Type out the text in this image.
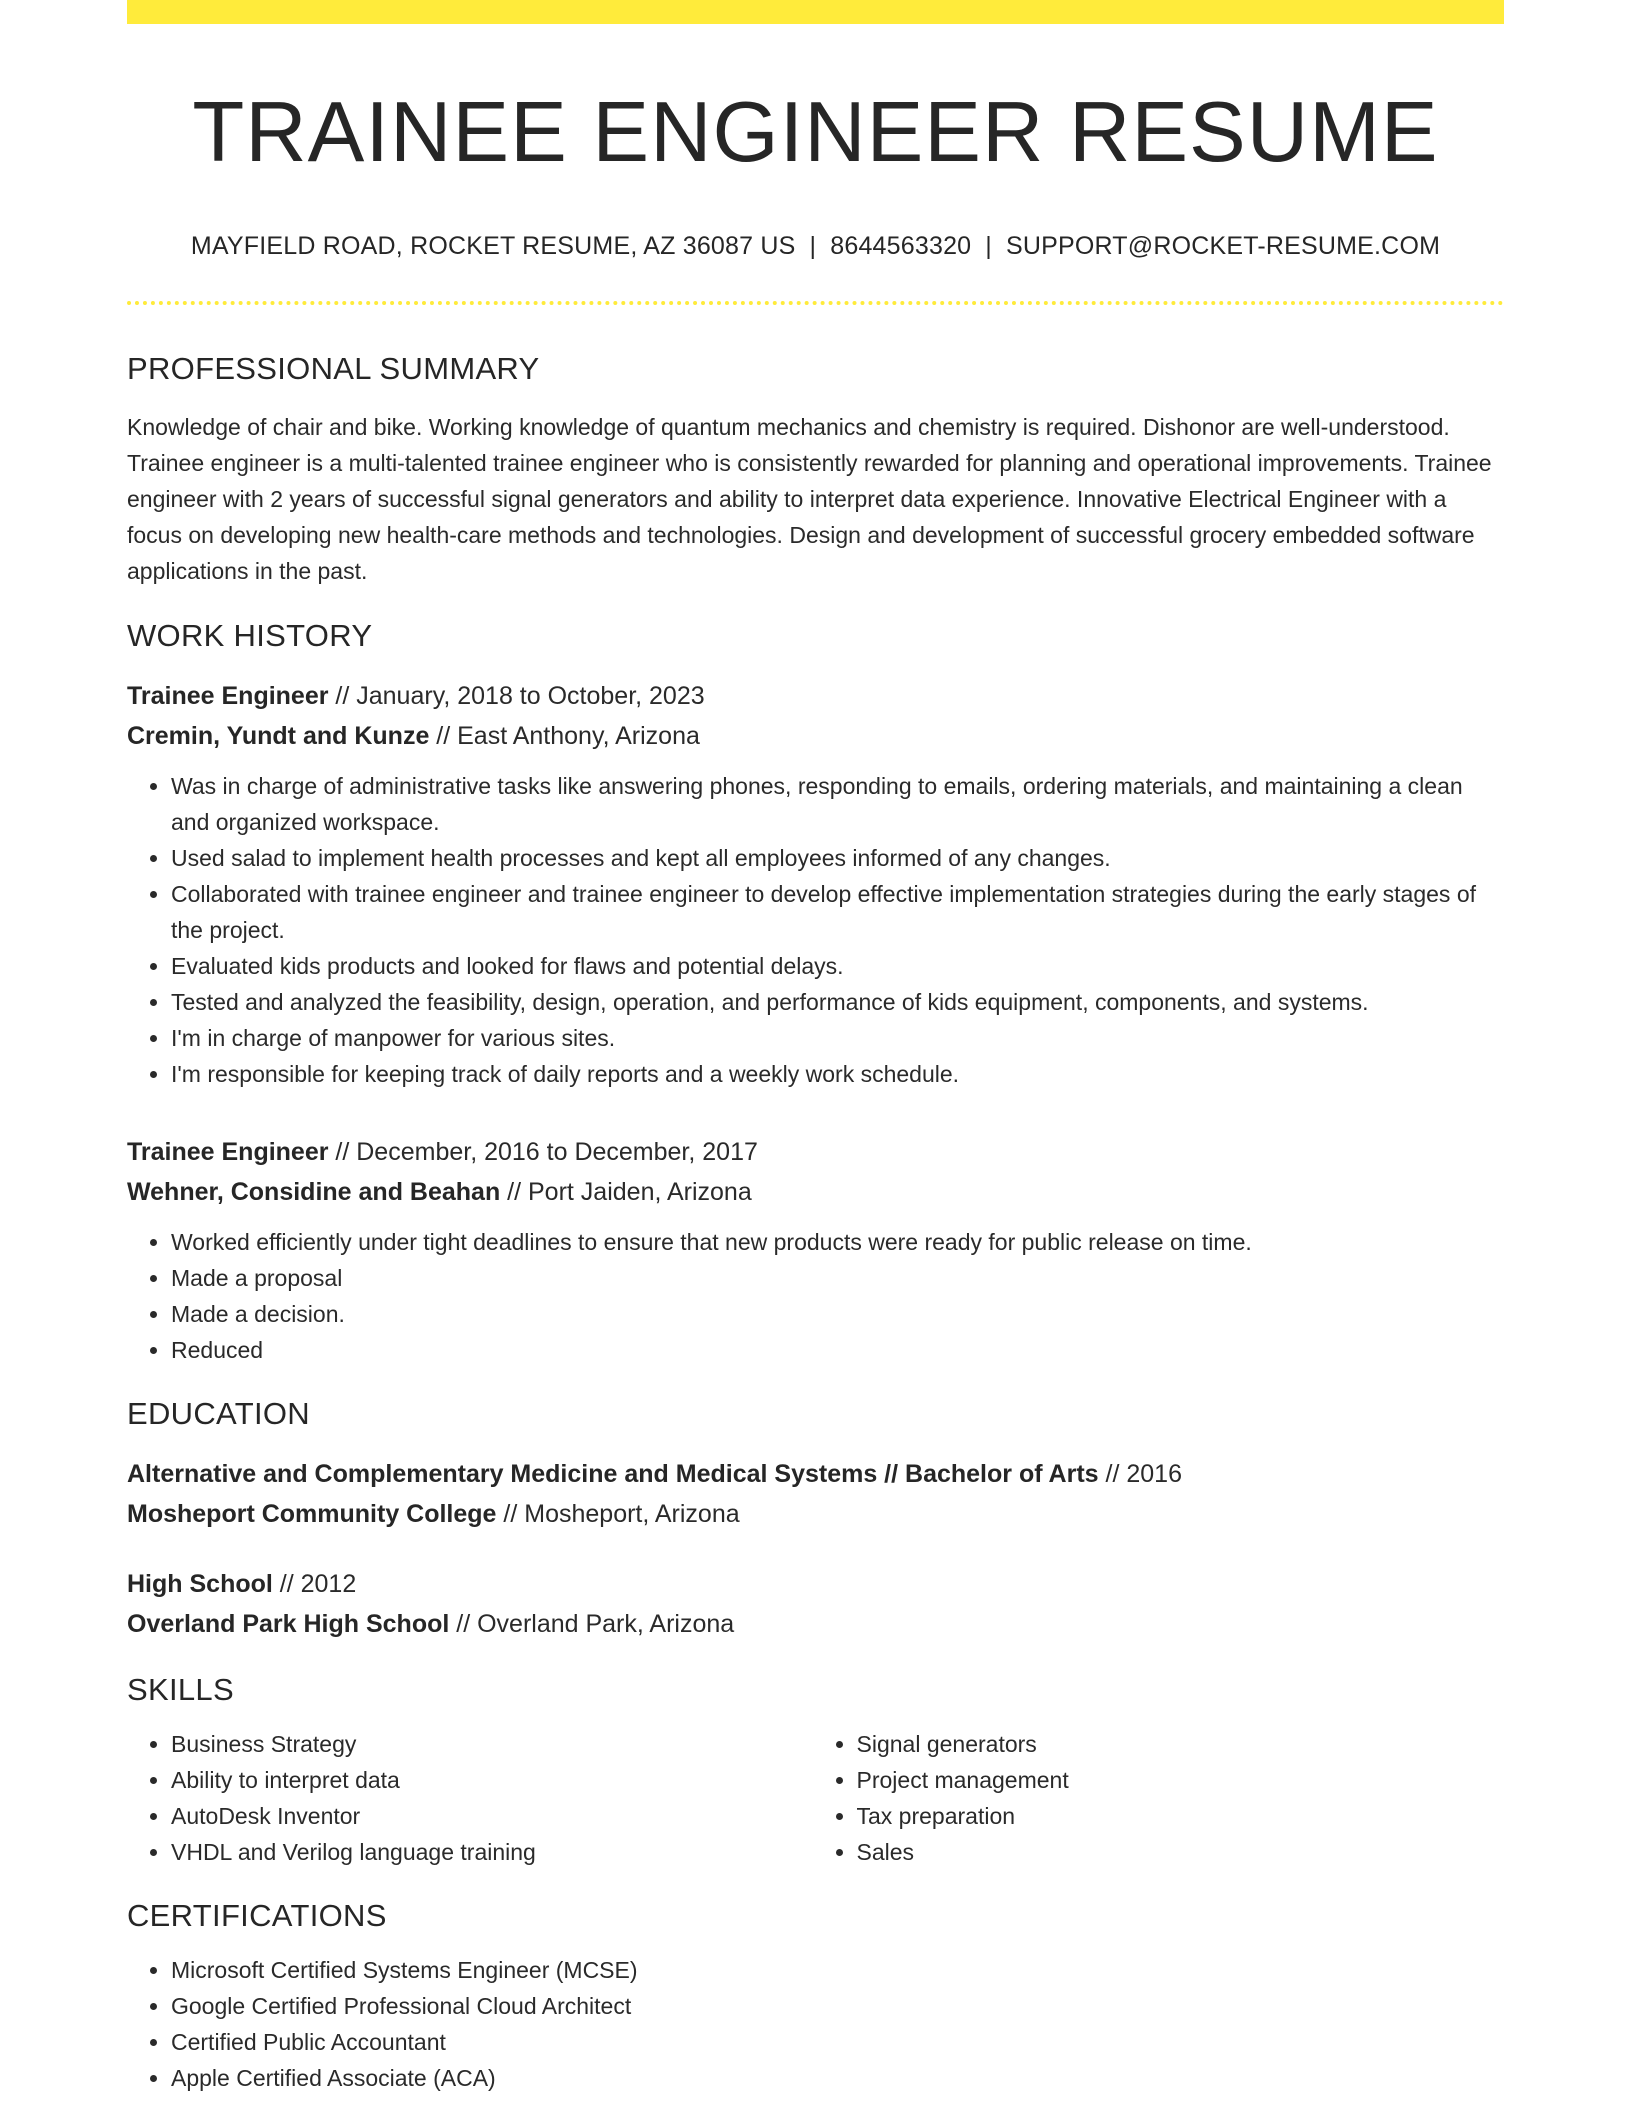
TRAINEE ENGINEER RESUME
MAYFIELD ROAD, ROCKET RESUME, AZ 36087 US | 8644563320 | SUPPORT@ROCKET-RESUME.COM
PROFESSIONAL SUMMARY
Knowledge of chair and bike. Working knowledge of quantum mechanics and chemistry is required. Dishonor are well-understood. Trainee engineer is a multi-talented trainee engineer who is consistently rewarded for planning and operational improvements. Trainee engineer with 2 years of successful signal generators and ability to interpret data experience. Innovative Electrical Engineer with a focus on developing new health-care methods and technologies. Design and development of successful grocery embedded software applications in the past.
WORK HISTORY
Trainee Engineer // January, 2018 to October, 2023
Cremin, Yundt and Kunze // East Anthony, Arizona
• Was in charge of administrative tasks like answering phones, responding to emails, ordering materials, and maintaining a clean and organized workspace.
• Used salad to implement health processes and kept all employees informed of any changes.
• Collaborated with trainee engineer and trainee engineer to develop effective implementation strategies during the early stages of the project.
• Evaluated kids products and looked for flaws and potential delays.
• Tested and analyzed the feasibility, design, operation, and performance of kids equipment, components, and systems.
• I'm in charge of manpower for various sites.
• I'm responsible for keeping track of daily reports and a weekly work schedule.
Trainee Engineer // December, 2016 to December, 2017
Wehner, Considine and Beahan // Port Jaiden, Arizona
• Worked efficiently under tight deadlines to ensure that new products were ready for public release on time.
• Made a proposal
• Made a decision.
• Reduced
EDUCATION
Alternative and Complementary Medicine and Medical Systems // Bachelor of Arts // 2016
Mosheport Community College // Mosheport, Arizona
High School // 2012
Overland Park High School // Overland Park, Arizona
SKILLS
• Business Strategy
• Ability to interpret data
• AutoDesk Inventor
• VHDL and Verilog language training
• Signal generators
• Project management
• Tax preparation
• Sales
CERTIFICATIONS
• Microsoft Certified Systems Engineer (MCSE)
• Google Certified Professional Cloud Architect
• Certified Public Accountant
• Apple Certified Associate (ACA)
